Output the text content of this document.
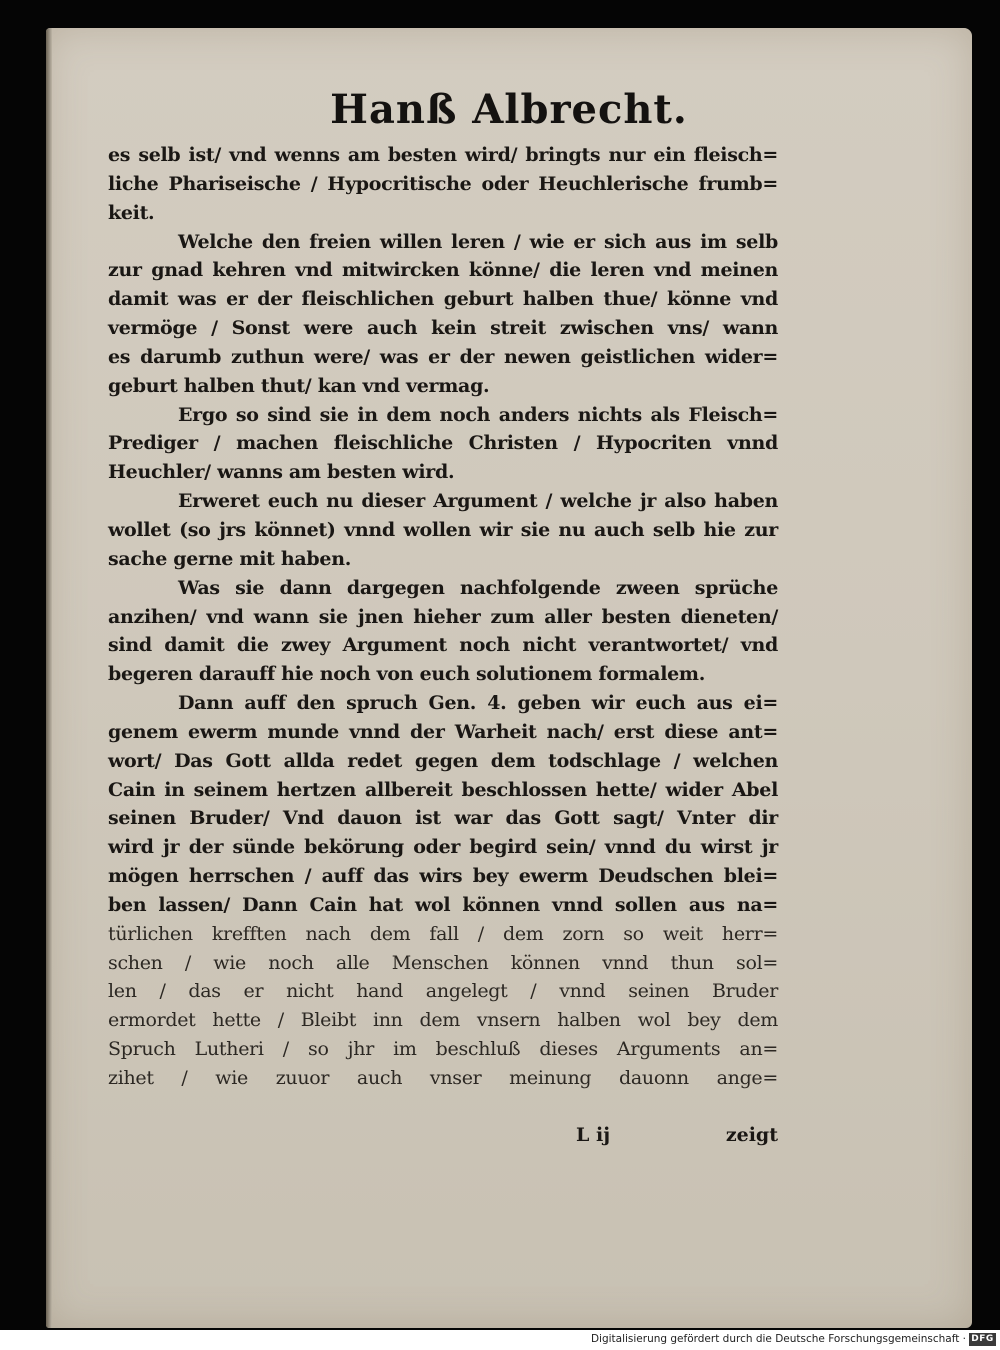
Hanß Albrecht.
es selb ist/ vnd wenns am besten wird/ bringts nur ein fleisch=
liche Phariseische / Hypocritische oder Heuchlerische frumb=
keit.
Welche den freien willen leren / wie er sich aus im selb
zur gnad kehren vnd mitwircken könne/ die leren vnd meinen
damit was er der fleischlichen geburt halben thue/ könne vnd
vermöge / Sonst were auch kein streit zwischen vns/ wann
es darumb zuthun were/ was er der newen geistlichen wider=
geburt halben thut/ kan vnd vermag.
Ergo so sind sie in dem noch anders nichts als Fleisch=
Prediger / machen fleischliche Christen / Hypocriten vnnd
Heuchler/ wanns am besten wird.
Erweret euch nu dieser Argument / welche jr also haben
wollet (so jrs könnet) vnnd wollen wir sie nu auch selb hie zur
sache gerne mit haben.
Was sie dann dargegen nachfolgende zween sprüche
anzihen/ vnd wann sie jnen hieher zum aller besten dieneten/
sind damit die zwey Argument noch nicht verantwortet/ vnd
begeren darauff hie noch von euch solutionem formalem.
Dann auff den spruch Gen. 4. geben wir euch aus ei=
genem ewerm munde vnnd der Warheit nach/ erst diese ant=
wort/ Das Gott allda redet gegen dem todschlage / welchen
Cain in seinem hertzen allbereit beschlossen hette/ wider Abel
seinen Bruder/ Vnd dauon ist war das Gott sagt/ Vnter dir
wird jr der sünde bekörung oder begird sein/ vnnd du wirst jr
mögen herrschen / auff das wirs bey ewerm Deudschen blei=
ben lassen/ Dann Cain hat wol können vnnd sollen aus na=
türlichen krefften nach dem fall / dem zorn so weit herr=
schen / wie noch alle Menschen können vnnd thun sol=
len / das er nicht hand angelegt / vnnd seinen Bruder
ermordet hette / Bleibt inn dem vnsern halben wol bey dem
Spruch Lutheri / so jhr im beschluß dieses Arguments an=
zihet / wie zuuor auch vnser meinung dauonn ange=
L ij	zeigt
Digitalisierung gefördert durch die Deutsche Forschungsgemeinschaft · DFG
